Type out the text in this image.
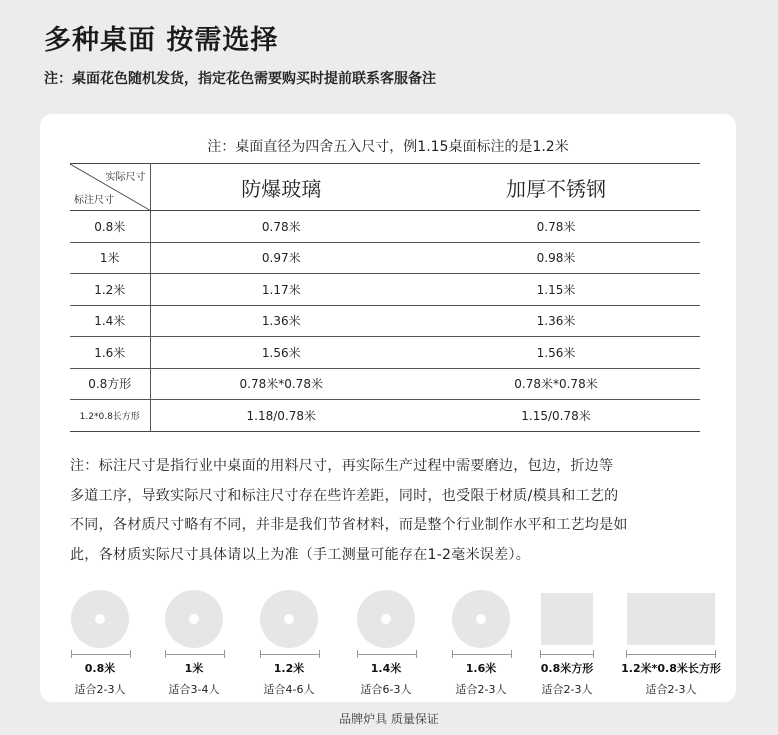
多种桌面 按需选择
注：桌面花色随机发货，指定花色需要购买时提前联系客服备注
注：桌面直径为四舍五入尺寸，例1.15桌面标注的是1.2米
实际尺寸
标注尺寸	防爆玻璃	加厚不锈钢
0.8米	0.78米	0.78米
1米	0.97米	0.98米
1.2米	1.17米	1.15米
1.4米	1.36米	1.36米
1.6米	1.56米	1.56米
0.8方形	0.78米*0.78米	0.78米*0.78米
1.2*0.8长方形	1.18/0.78米	1.15/0.78米
注：标注尺寸是指行业中桌面的用料尺寸，再实际生产过程中需要磨边，包边，折边等
多道工序，导致实际尺寸和标注尺寸存在些许差距，同时，也受限于材质/模具和工艺的
不同，各材质尺寸略有不同，并非是我们节省材料，而是整个行业制作水平和工艺均是如
此，各材质实际尺寸具体请以上为准（手工测量可能存在1-2毫米误差）。
0.8米
适合2-3人
1米
适合3-4人
1.2米
适合4-6人
1.4米
适合6-3人
1.6米
适合2-3人
0.8米方形
适合2-3人
1.2米*0.8米长方形
适合2-3人
品牌炉具 质量保证
